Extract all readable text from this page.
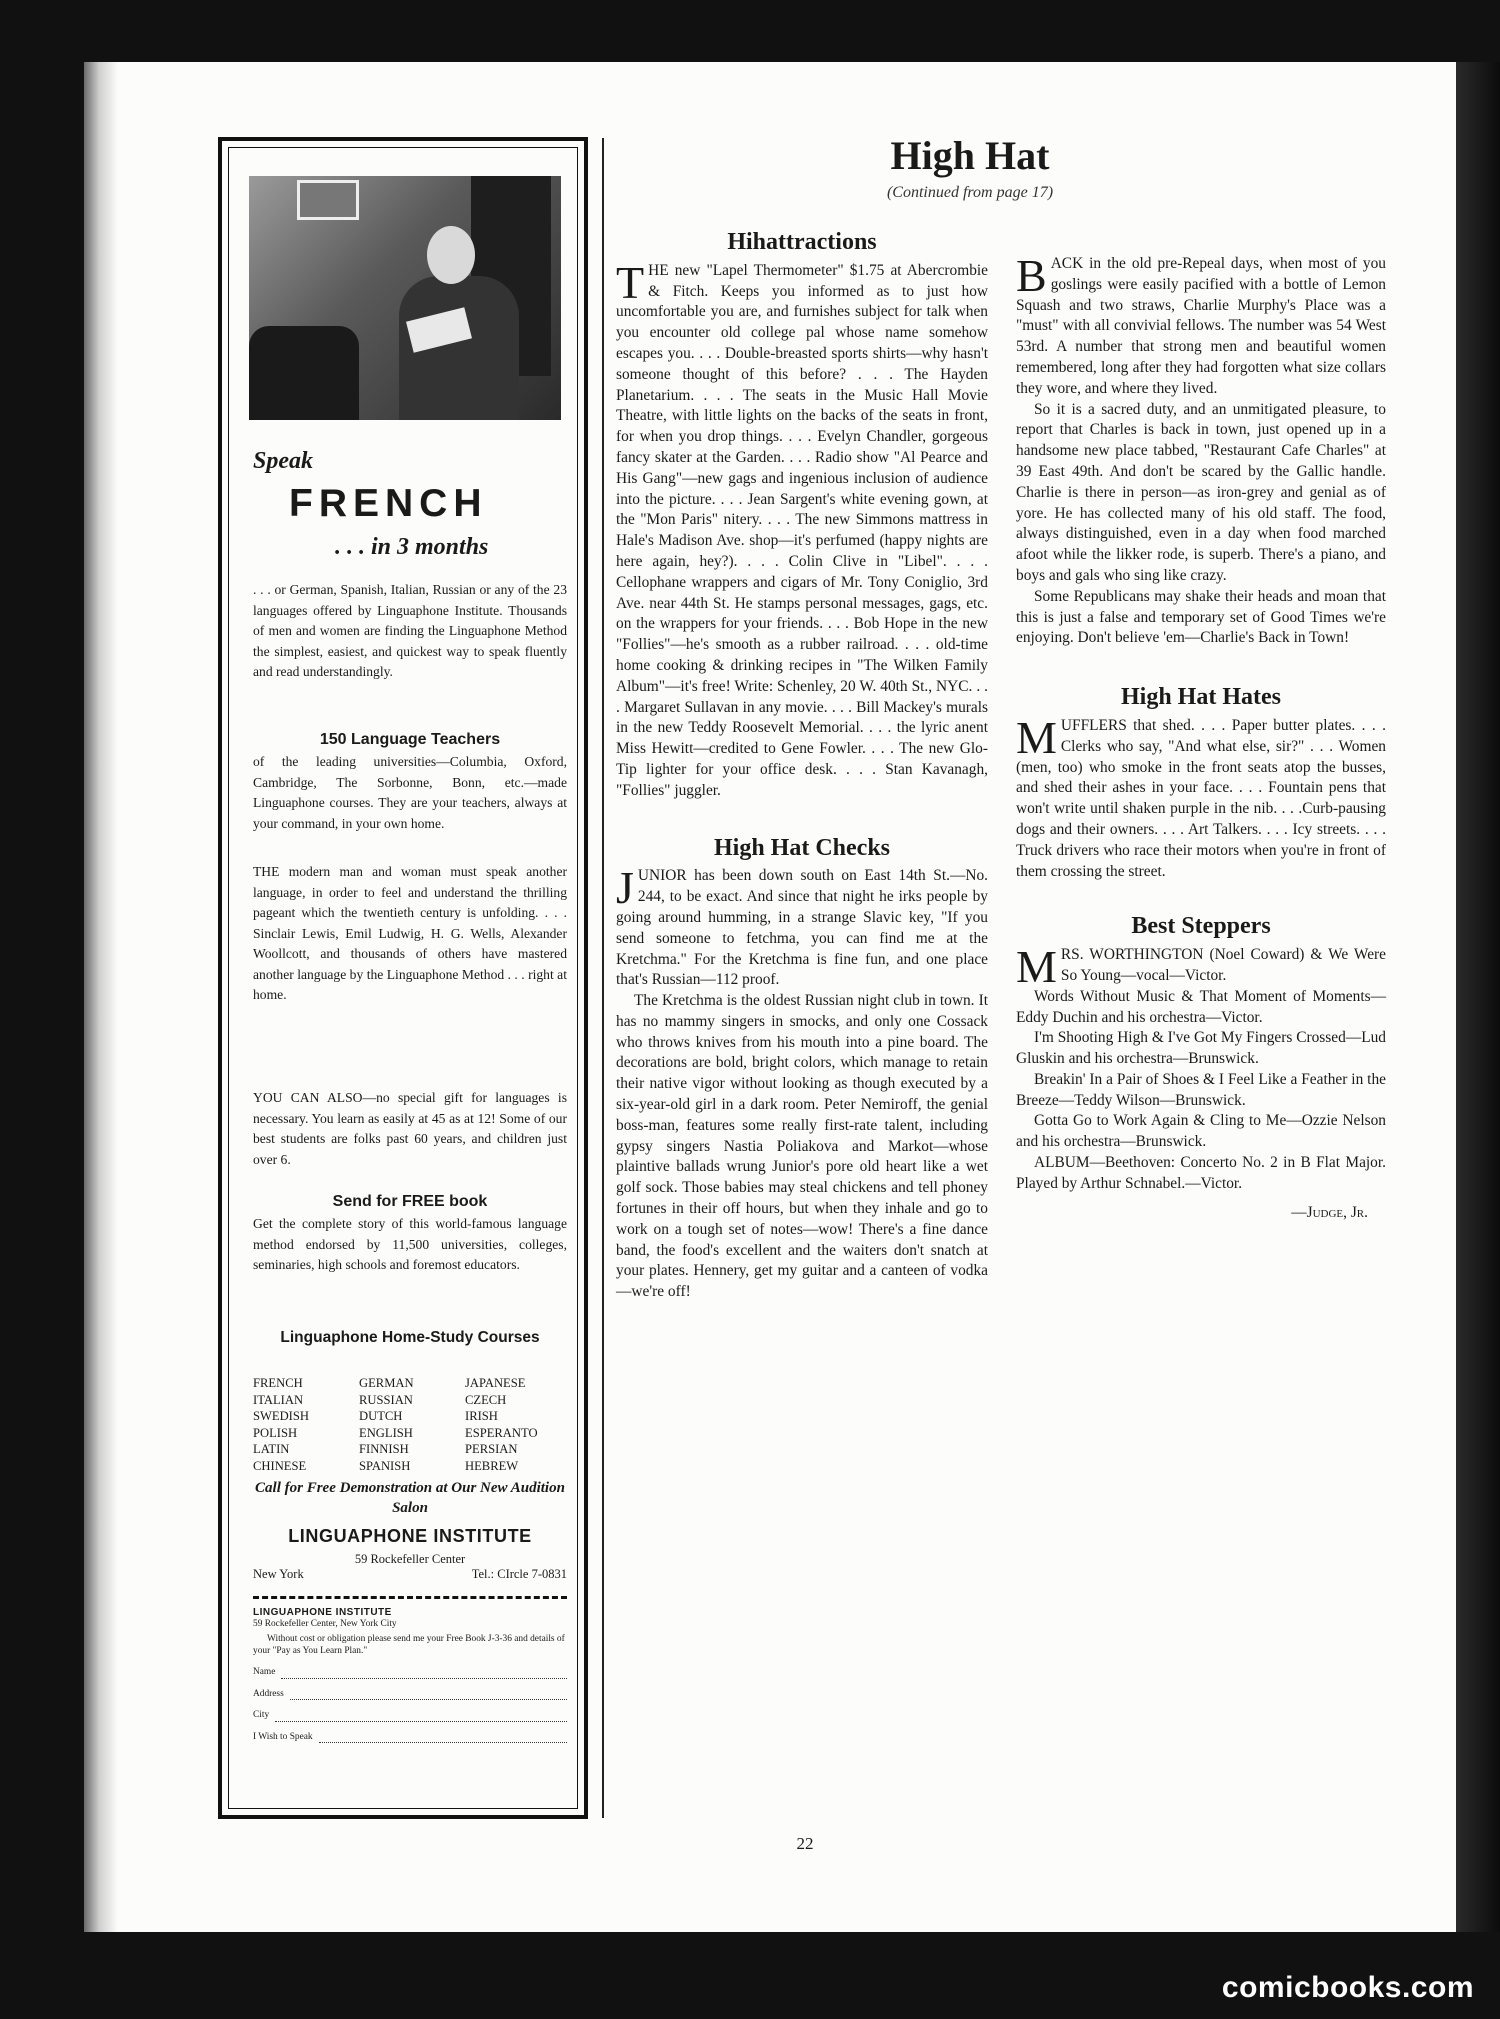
Speak
FRENCH
. . . in 3 months
. . . or German, Spanish, Italian, Russian or any of the 23 languages offered by Linguaphone Institute. Thousands of men and women are finding the Linguaphone Method the simplest, easiest, and quickest way to speak fluently and read understandingly.
150 Language Teachers
of the leading universities—Columbia, Oxford, Cambridge, The Sorbonne, Bonn, etc.—made Linguaphone courses. They are your teachers, always at your command, in your own home.
THE modern man and woman must speak another language, in order to feel and understand the thrilling pageant which the twentieth century is unfolding. . . . Sinclair Lewis, Emil Ludwig, H. G. Wells, Alexander Woollcott, and thousands of others have mastered another language by the Linguaphone Method . . . right at home.
YOU CAN ALSO—no special gift for languages is necessary. You learn as easily at 45 as at 12! Some of our best students are folks past 60 years, and children just over 6.
Send for FREE book
Get the complete story of this world-famous language method endorsed by 11,500 universities, colleges, seminaries, high schools and foremost educators.
Linguaphone Home-Study Courses
FRENCH	GERMAN	JAPANESE
ITALIAN	RUSSIAN	CZECH
SWEDISH	DUTCH	IRISH
POLISH	ENGLISH	ESPERANTO
LATIN	FINNISH	PERSIAN
CHINESE	SPANISH	HEBREW
Call for Free Demonstration at Our New Audition Salon
LINGUAPHONE INSTITUTE
59 Rockefeller Center
New York	Tel.: CIrcle 7-0831
LINGUAPHONE INSTITUTE
59 Rockefeller Center, New York City
Without cost or obligation please send me your Free Book J-3-36 and details of your "Pay as You Learn Plan."
Name
Address
City
I Wish to Speak
High Hat
(Continued from page 17)
Hihattractions

THE new "Lapel Thermometer" $1.75 at Abercrombie & Fitch. Keeps you informed as to just how uncomfortable you are, and furnishes subject for talk when you encounter old college pal whose name somehow escapes you. . . . Double-breasted sports shirts—why hasn't someone thought of this before? . . . The Hayden Planetarium. . . . The seats in the Music Hall Movie Theatre, with little lights on the backs of the seats in front, for when you drop things. . . . Evelyn Chandler, gorgeous fancy skater at the Garden. . . . Radio show "Al Pearce and His Gang"—new gags and ingenious inclusion of audience into the picture. . . . Jean Sargent's white evening gown, at the "Mon Paris" nitery. . . . The new Simmons mattress in Hale's Madison Ave. shop—it's perfumed (happy nights are here again, hey?). . . . Colin Clive in "Libel". . . . Cellophane wrappers and cigars of Mr. Tony Coniglio, 3rd Ave. near 44th St. He stamps personal messages, gags, etc. on the wrappers for your friends. . . . Bob Hope in the new "Follies"—he's smooth as a rubber railroad. . . . old-time home cooking & drinking recipes in "The Wilken Family Album"—it's free! Write: Schenley, 20 W. 40th St., NYC. . . . Margaret Sullavan in any movie. . . . Bill Mackey's murals in the new Teddy Roosevelt Memorial. . . . the lyric anent Miss Hewitt—credited to Gene Fowler. . . . The new Glo-Tip lighter for your office desk. . . . Stan Kavanagh, "Follies" juggler.

High Hat Checks

JUNIOR has been down south on East 14th St.—No. 244, to be exact. And since that night he irks people by going around humming, in a strange Slavic key, "If you send someone to fetchma, you can find me at the Kretchma." For the Kretchma is fine fun, and one place that's Russian—112 proof.

The Kretchma is the oldest Russian night club in town. It has no mammy singers in smocks, and only one Cossack who throws knives from his mouth into a pine board. The decorations are bold, bright colors, which manage to retain their native vigor without looking as though executed by a six-year-old girl in a dark room. Peter Nemiroff, the genial boss-man, features some really first-rate talent, including gypsy singers Nastia Poliakova and Markot—whose plaintive ballads wrung Junior's pore old heart like a wet golf sock. Those babies may steal chickens and tell phoney fortunes in their off hours, but when they inhale and go to work on a tough set of notes—wow! There's a fine dance band, the food's excellent and the waiters don't snatch at your plates. Hennery, get my guitar and a canteen of vodka—we're off!

BACK in the old pre-Repeal days, when most of you goslings were easily pacified with a bottle of Lemon Squash and two straws, Charlie Murphy's Place was a "must" with all convivial fellows. The number was 54 West 53rd. A number that strong men and beautiful women remembered, long after they had forgotten what size collars they wore, and where they lived.

So it is a sacred duty, and an unmitigated pleasure, to report that Charles is back in town, just opened up in a handsome new place tabbed, "Restaurant Cafe Charles" at 39 East 49th. And don't be scared by the Gallic handle. Charlie is there in person—as iron-grey and genial as of yore. He has collected many of his old staff. The food, always distinguished, even in a day when food marched afoot while the likker rode, is superb. There's a piano, and boys and gals who sing like crazy.

Some Republicans may shake their heads and moan that this is just a false and temporary set of Good Times we're enjoying. Don't believe 'em—Charlie's Back in Town!

High Hat Hates

MUFFLERS that shed. . . . Paper butter plates. . . . Clerks who say, "And what else, sir?" . . . Women (men, too) who smoke in the front seats atop the busses, and shed their ashes in your face. . . . Fountain pens that won't write until shaken purple in the nib. . . .Curb-pausing dogs and their owners. . . . Art Talkers. . . . Icy streets. . . . Truck drivers who race their motors when you're in front of them crossing the street.

Best Steppers

MRS. WORTHINGTON (Noel Coward) & We Were So Young—vocal—Victor.

Words Without Music & That Moment of Moments—Eddy Duchin and his orchestra—Victor.

I'm Shooting High & I've Got My Fingers Crossed—Lud Gluskin and his orchestra—Brunswick.

Breakin' In a Pair of Shoes & I Feel Like a Feather in the Breeze—Teddy Wilson—Brunswick.

Gotta Go to Work Again & Cling to Me—Ozzie Nelson and his orchestra—Brunswick.

ALBUM—Beethoven: Concerto No. 2 in B Flat Major. Played by Arthur Schnabel.—Victor.

—Judge, Jr.

22
comicbooks.com
